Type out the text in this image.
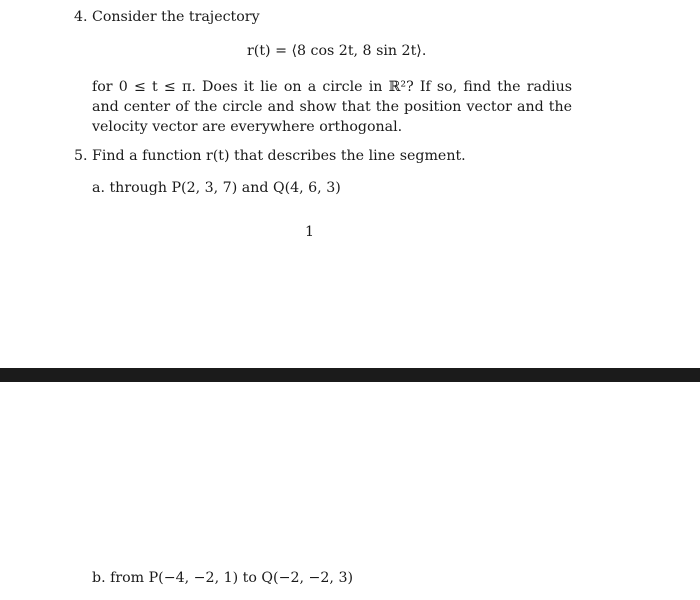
4. Consider the trajectory
r(t) = ⟨8 cos 2t, 8 sin 2t⟩.
for 0 ≤ t ≤ π. Does it lie on a circle in ℝ²? If so, find the radius and center of the circle and show that the position vector and the velocity vector are everywhere orthogonal.
5. Find a function r(t) that describes the line segment.
a. through P(2, 3, 7) and Q(4, 6, 3)
1
b. from P(−4, −2, 1) to Q(−2, −2, 3)
